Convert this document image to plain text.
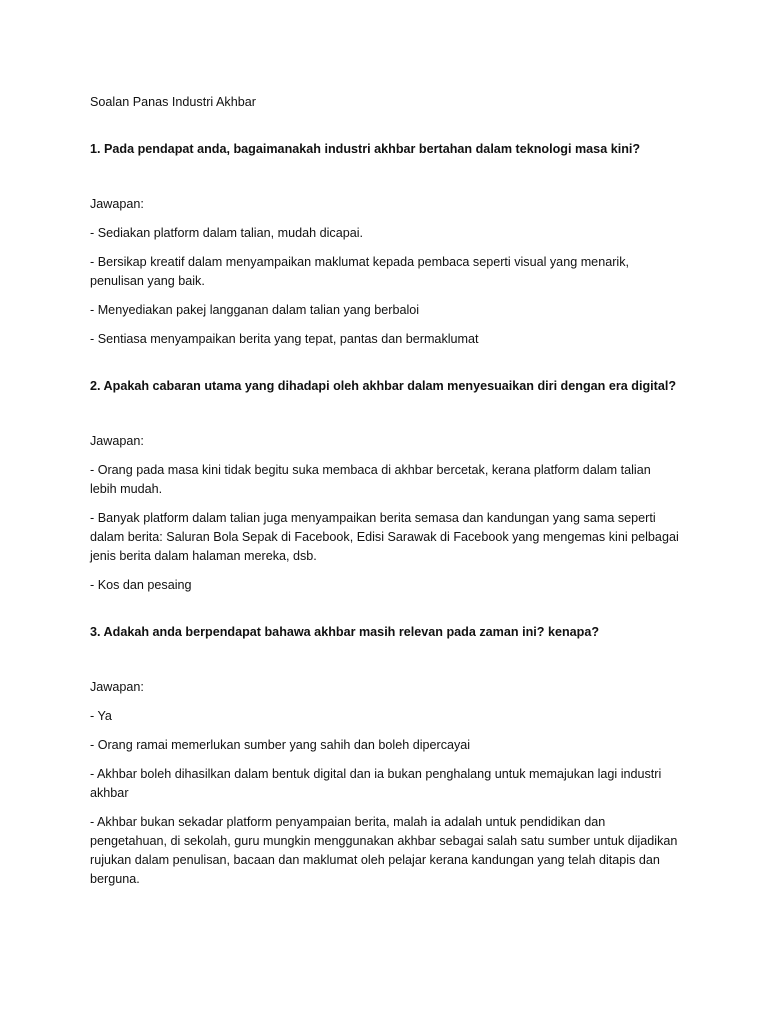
Soalan Panas Industri Akhbar

1. Pada pendapat anda, bagaimanakah industri akhbar bertahan dalam teknologi masa kini?

Jawapan:

- Sediakan platform dalam talian, mudah dicapai.

- Bersikap kreatif dalam menyampaikan maklumat kepada pembaca seperti visual yang menarik, penulisan yang baik.

- Menyediakan pakej langganan dalam talian yang berbaloi

- Sentiasa menyampaikan berita yang tepat, pantas dan bermaklumat

2. Apakah cabaran utama yang dihadapi oleh akhbar dalam menyesuaikan diri dengan era digital?

Jawapan:

- Orang pada masa kini tidak begitu suka membaca di akhbar bercetak, kerana platform dalam talian lebih mudah.

- Banyak platform dalam talian juga menyampaikan berita semasa dan kandungan yang sama seperti dalam berita: Saluran Bola Sepak di Facebook, Edisi Sarawak di Facebook yang mengemas kini pelbagai jenis berita dalam halaman mereka, dsb.

- Kos dan pesaing

3. Adakah anda berpendapat bahawa akhbar masih relevan pada zaman ini? kenapa?

Jawapan:

- Ya

- Orang ramai memerlukan sumber yang sahih dan boleh dipercayai

- Akhbar boleh dihasilkan dalam bentuk digital dan ia bukan penghalang untuk memajukan lagi industri akhbar

- Akhbar bukan sekadar platform penyampaian berita, malah ia adalah untuk pendidikan dan pengetahuan, di sekolah, guru mungkin menggunakan akhbar sebagai salah satu sumber untuk dijadikan rujukan dalam penulisan, bacaan dan maklumat oleh pelajar kerana kandungan yang telah ditapis dan berguna.
